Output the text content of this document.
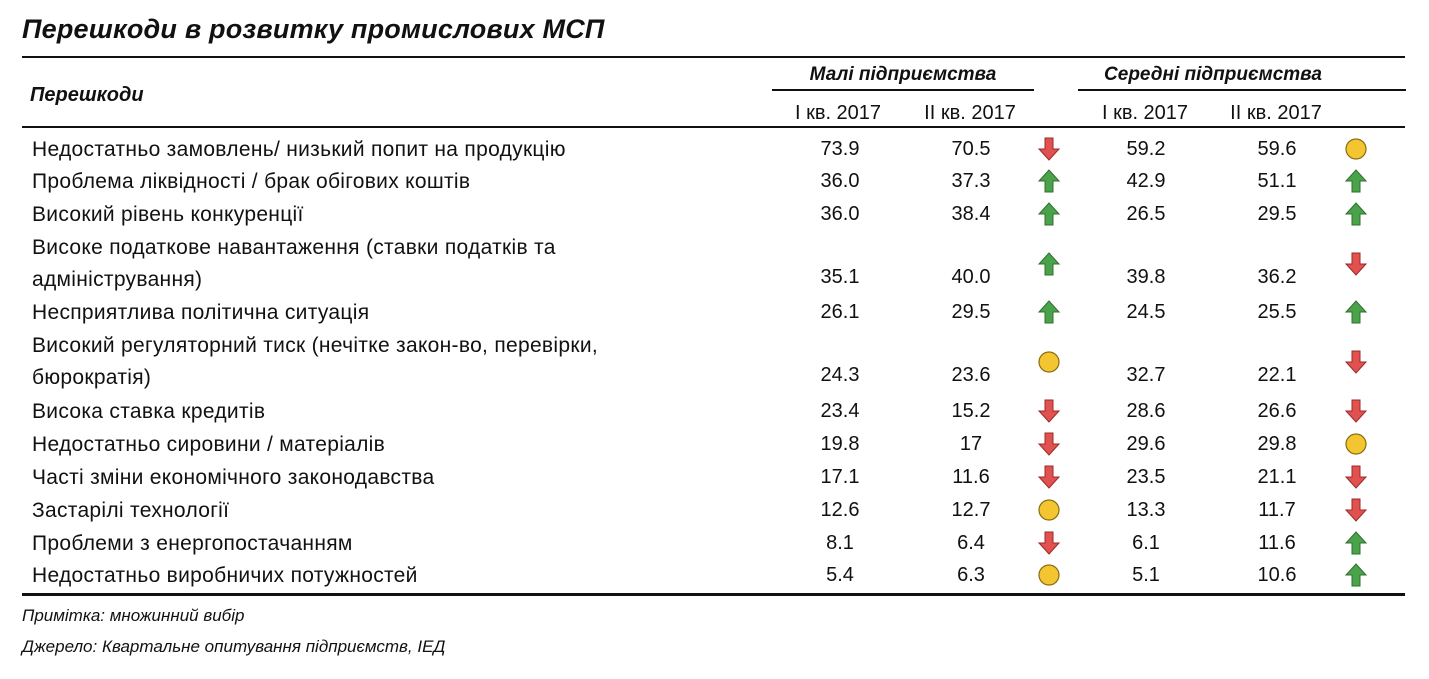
Перешкоди в розвитку промислових МСП
Перешкоди
Малі підприємства	Середні підприємства
I кв. 2017	II кв. 2017	I кв. 2017	II кв. 2017
Недостатньо замовлень/ низький попит на продукцію	73.9	70.5	59.2	59.6
Проблема ліквідності / брак обігових коштів	36.0	37.3	42.9	51.1
Високий рівень конкуренції	36.0	38.4	26.5	29.5
Високе податкове навантаження (ставки податків та
адміністрування)	35.1	40.0	39.8	36.2
Несприятлива політична ситуація	26.1	29.5	24.5	25.5
Високий регуляторний тиск (нечітке закон-во, перевірки,
бюрократія)	24.3	23.6	32.7	22.1
Висока ставка кредитів	23.4	15.2	28.6	26.6
Недостатньо сировини / матеріалів	19.8	17	29.6	29.8
Часті зміни економічного законодавства	17.1	11.6	23.5	21.1
Застарілі технології	12.6	12.7	13.3	11.7
Проблеми з енергопостачанням	8.1	6.4	6.1	11.6
Недостатньо виробничих потужностей	5.4	6.3	5.1	10.6
Примітка: множинний вибір
Джерело: Квартальне опитування підприємств, ІЕД
